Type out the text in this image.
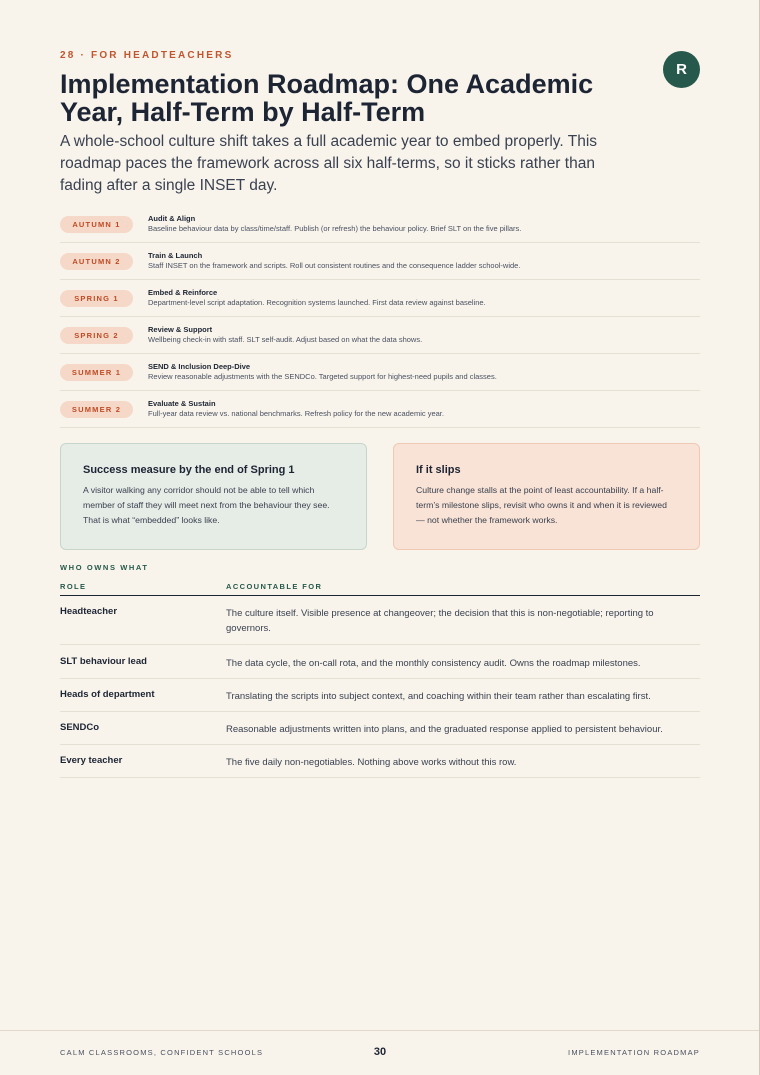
28 · FOR HEADTEACHERS
R
Implementation Roadmap: One Academic Year, Half-Term by Half-Term

A whole-school culture shift takes a full academic year to embed properly. This roadmap paces the framework across all six half-terms, so it sticks rather than fading after a single INSET day.

AUTUMN 1
Audit & Align
Baseline behaviour data by class/time/staff. Publish (or refresh) the behaviour policy. Brief SLT on the five pillars.
AUTUMN 2
Train & Launch
Staff INSET on the framework and scripts. Roll out consistent routines and the consequence ladder school-wide.
SPRING 1
Embed & Reinforce
Department-level script adaptation. Recognition systems launched. First data review against baseline.
SPRING 2
Review & Support
Wellbeing check-in with staff. SLT self-audit. Adjust based on what the data shows.
SUMMER 1
SEND & Inclusion Deep-Dive
Review reasonable adjustments with the SENDCo. Targeted support for highest-need pupils and classes.
SUMMER 2
Evaluate & Sustain
Full-year data review vs. national benchmarks. Refresh policy for the new academic year.
Success measure by the end of Spring 1

A visitor walking any corridor should not be able to tell which member of staff they will meet next from the behaviour they see. That is what “embedded” looks like.

If it slips

Culture change stalls at the point of least accountability. If a half-term’s milestone slips, revisit who owns it and when it is reviewed — not whether the framework works.

WHO OWNS WHAT
ROLE	ACCOUNTABLE FOR
Headteacher	The culture itself. Visible presence at changeover; the decision that this is non-negotiable; reporting to governors.
SLT behaviour lead	The data cycle, the on-call rota, and the monthly consistency audit. Owns the roadmap milestones.
Heads of department	Translating the scripts into subject context, and coaching within their team rather than escalating first.
SENDCo	Reasonable adjustments written into plans, and the graduated response applied to persistent behaviour.
Every teacher	The five daily non-negotiables. Nothing above works without this row.
CALM CLASSROOMS, CONFIDENT SCHOOLS	30	IMPLEMENTATION ROADMAP
